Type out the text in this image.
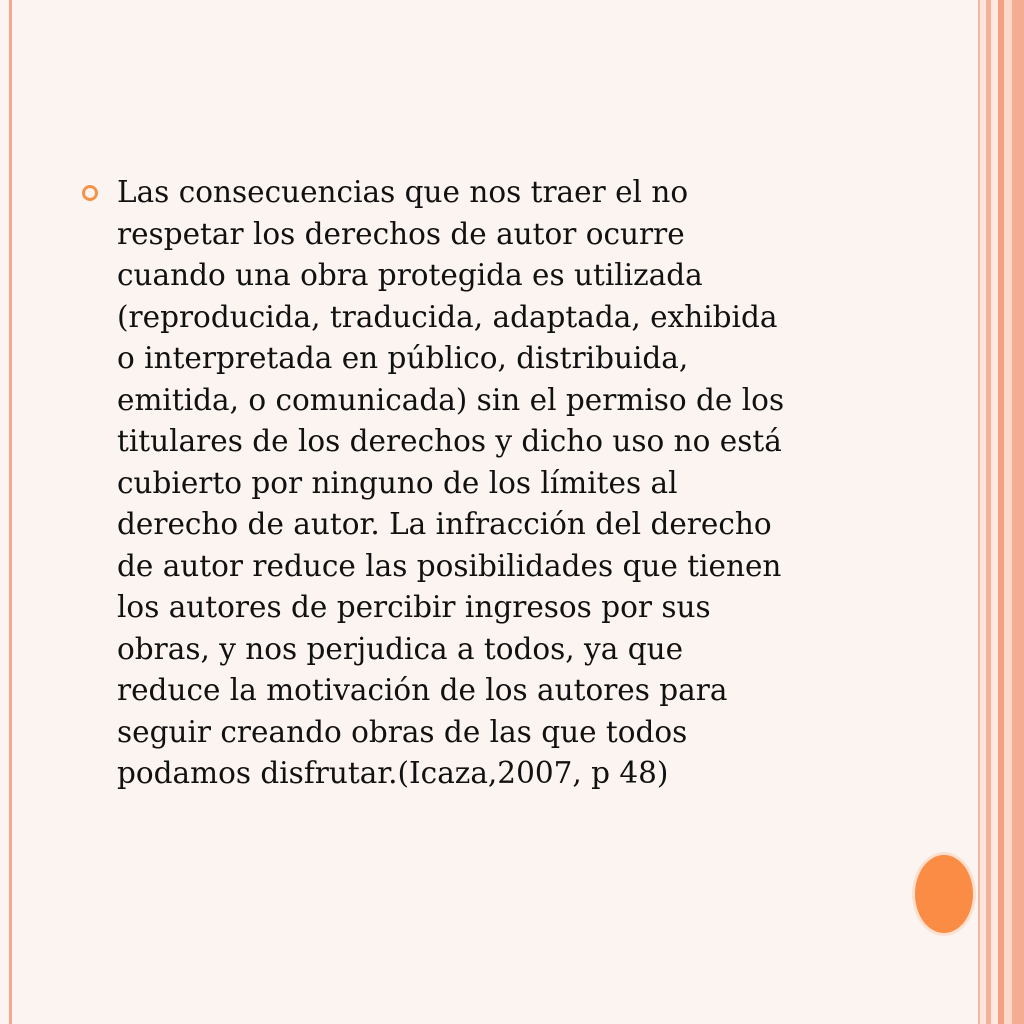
Las consecuencias que nos traer el no
respetar los derechos de autor ocurre
cuando una obra protegida es utilizada
(reproducida, traducida, adaptada, exhibida
o interpretada en público, distribuida,
emitida, o comunicada) sin el permiso de los
titulares de los derechos y dicho uso no está
cubierto por ninguno de los límites al
derecho de autor. La infracción del derecho
de autor reduce las posibilidades que tienen
los autores de percibir ingresos por sus
obras, y nos perjudica a todos, ya que
reduce la motivación de los autores para
seguir creando obras de las que todos
podamos disfrutar.(Icaza,2007, p 48)
